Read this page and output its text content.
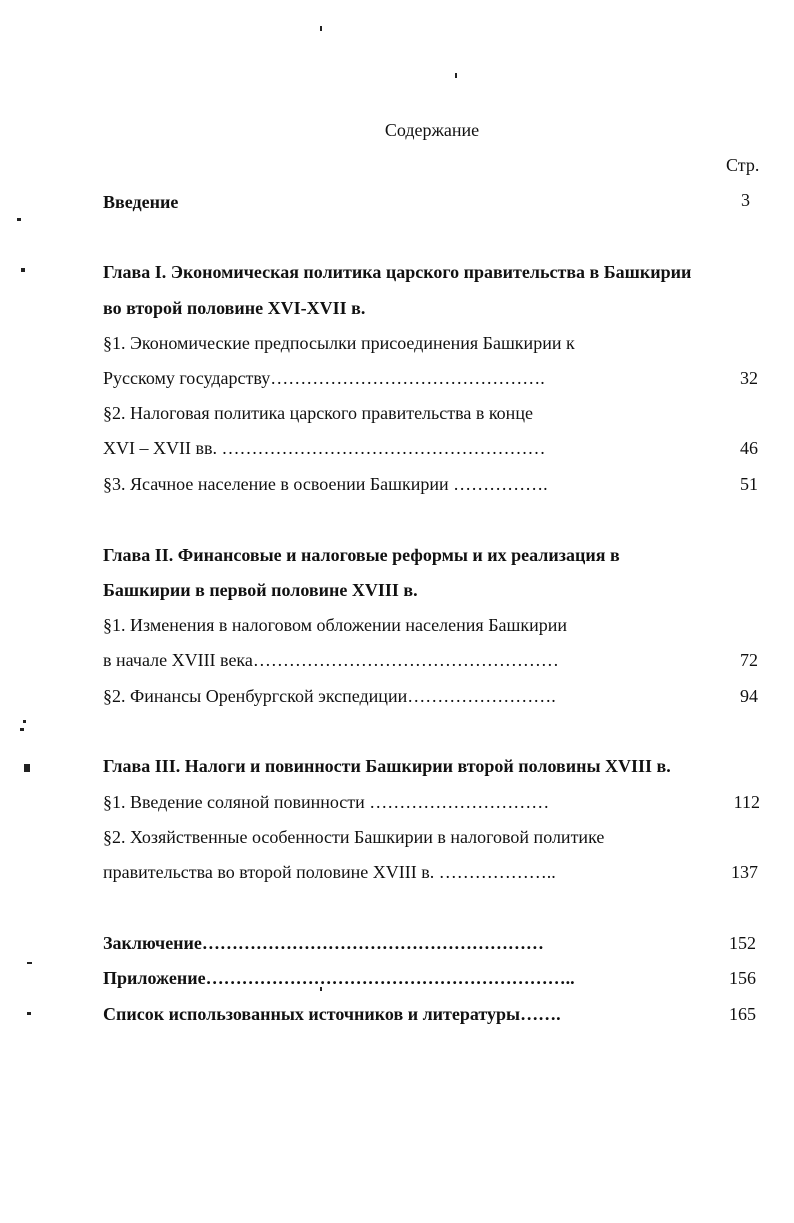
Содержание
Стр.
Введение	3
Глава I. Экономическая политика царского правительства в Башкирии
во второй половине XVI-XVII в.
§1. Экономические предпосылки присоединения Башкирии к
Русскому государству……………………………………….	32
§2. Налоговая политика царского правительства в конце
XVI – XVII вв. ………………………………………………	46
§3. Ясачное население в освоении Башкирии …………….	51
Глава II. Финансовые и налоговые реформы и их реализация в
Башкирии в первой половине XVIII в.
§1. Изменения в налоговом обложении населения Башкирии
в начале XVIII века……………………………………………	72
§2. Финансы Оренбургской экспедиции…………………….	94
Глава III. Налоги и повинности Башкирии второй половины XVIII в.
§1. Введение соляной повинности …………………………	112
§2. Хозяйственные особенности Башкирии в налоговой политике
правительства во второй половине XVIII в. ………………..	137
Заключение…………………………………………………	152
Приложение……………………………………………………..	156
Список использованных источников и литературы…….	165
